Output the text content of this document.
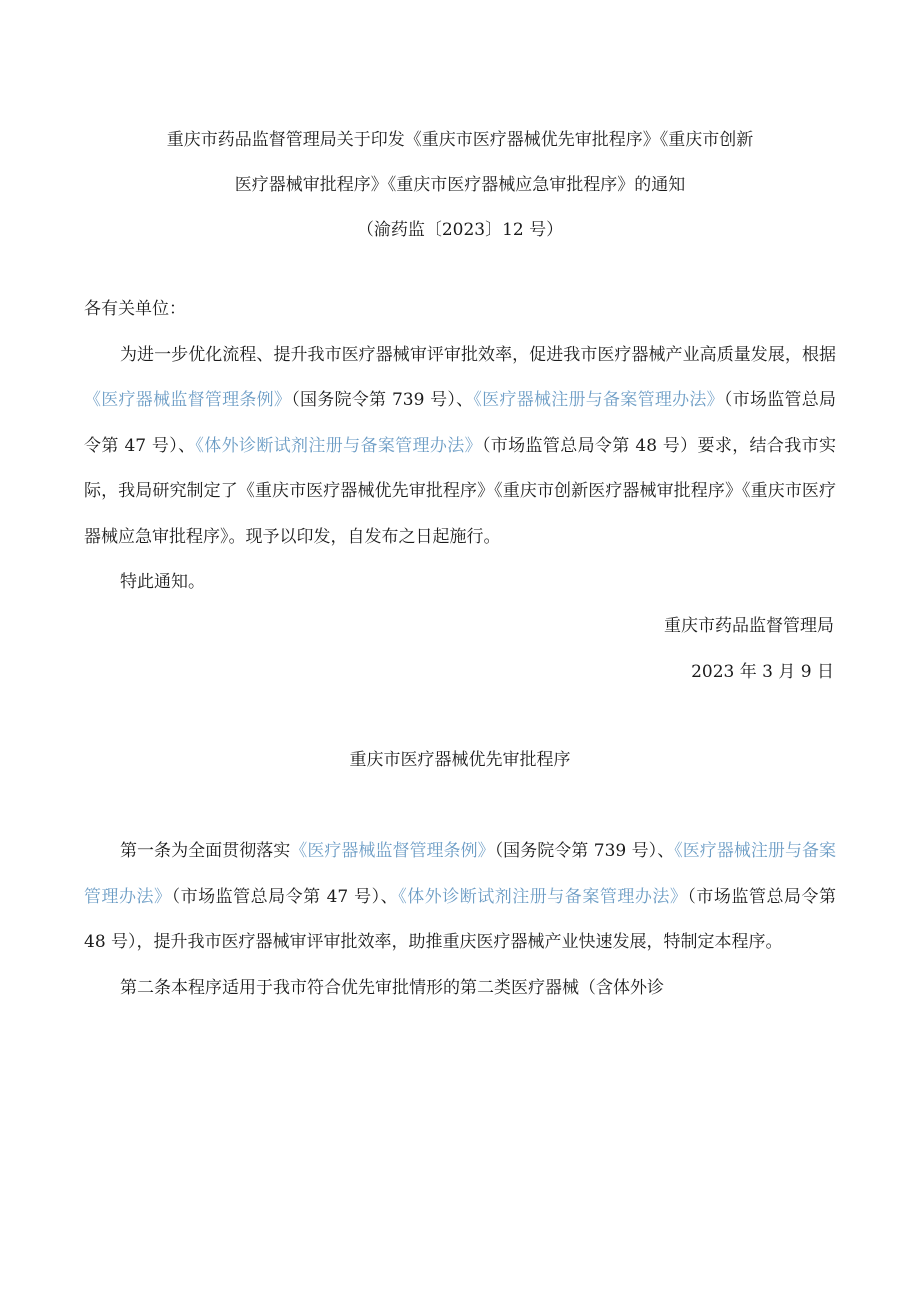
重庆市药品监督管理局关于印发《重庆市医疗器械优先审批程序》《重庆市创新
医疗器械审批程序》《重庆市医疗器械应急审批程序》的通知
（渝药监〔2023〕12 号）

各有关单位：

为进一步优化流程、提升我市医疗器械审评审批效率，促进我市医疗器械产业高质量发展，根据《医疗器械监督管理条例》（国务院令第 739 号）、《医疗器械注册与备案管理办法》（市场监管总局令第 47 号）、《体外诊断试剂注册与备案管理办法》（市场监管总局令第 48 号）要求，结合我市实际，我局研究制定了《重庆市医疗器械优先审批程序》《重庆市创新医疗器械审批程序》《重庆市医疗器械应急审批程序》。现予以印发，自发布之日起施行。

特此通知。

重庆市药品监督管理局
2023 年 3 月 9 日
重庆市医疗器械优先审批程序

第一条为全面贯彻落实《医疗器械监督管理条例》（国务院令第 739 号）、《医疗器械注册与备案管理办法》（市场监管总局令第 47 号）、《体外诊断试剂注册与备案管理办法》（市场监管总局令第 48 号），提升我市医疗器械审评审批效率，助推重庆医疗器械产业快速发展，特制定本程序。

第二条本程序适用于我市符合优先审批情形的第二类医疗器械（含体外诊
